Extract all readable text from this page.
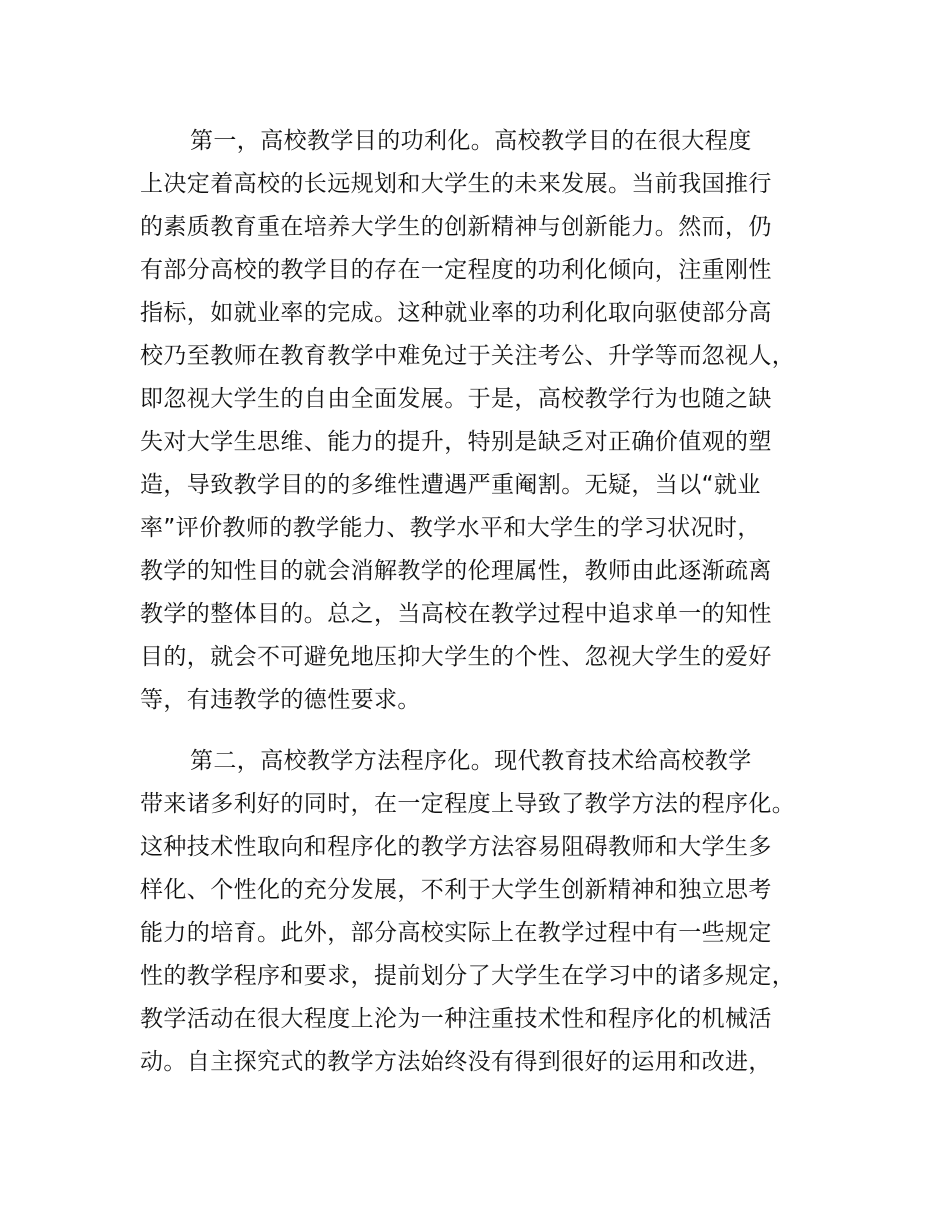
第一，高校教学目的功利化。高校教学目的在很大程度
上决定着高校的长远规划和大学生的未来发展。当前我国推行
的素质教育重在培养大学生的创新精神与创新能力。然而，仍
有部分高校的教学目的存在一定程度的功利化倾向，注重刚性
指标，如就业率的完成。这种就业率的功利化取向驱使部分高
校乃至教师在教育教学中难免过于关注考公、升学等而忽视人，
即忽视大学生的自由全面发展。于是，高校教学行为也随之缺
失对大学生思维、能力的提升，特别是缺乏对正确价值观的塑
造，导致教学目的的多维性遭遇严重阉割。无疑，当以“就业
率”评价教师的教学能力、教学水平和大学生的学习状况时，
教学的知性目的就会消解教学的伦理属性，教师由此逐渐疏离
教学的整体目的。总之，当高校在教学过程中追求单一的知性
目的，就会不可避免地压抑大学生的个性、忽视大学生的爱好
等，有违教学的德性要求。
第二，高校教学方法程序化。现代教育技术给高校教学
带来诸多利好的同时，在一定程度上导致了教学方法的程序化。
这种技术性取向和程序化的教学方法容易阻碍教师和大学生多
样化、个性化的充分发展，不利于大学生创新精神和独立思考
能力的培育。此外，部分高校实际上在教学过程中有一些规定
性的教学程序和要求，提前划分了大学生在学习中的诸多规定，
教学活动在很大程度上沦为一种注重技术性和程序化的机械活
动。自主探究式的教学方法始终没有得到很好的运用和改进，
